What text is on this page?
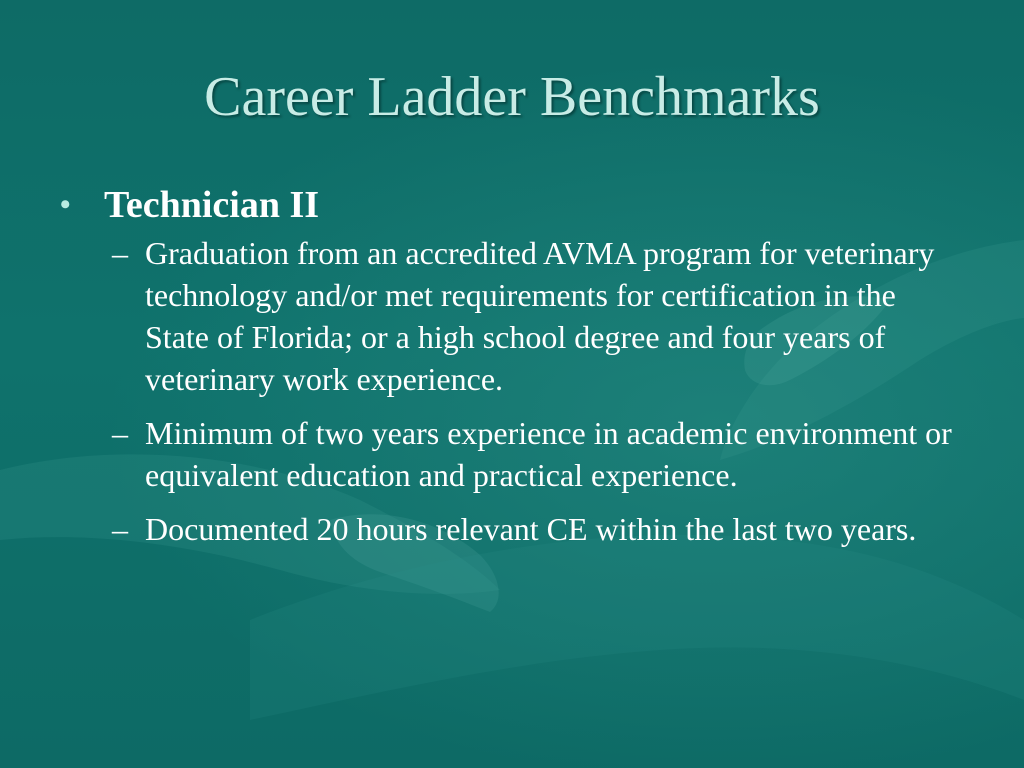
Career Ladder Benchmarks
• Technician II
– Graduation from an accredited AVMA program for veterinary technology and/or met requirements for certification in the State of Florida; or a high school degree and four years of veterinary work experience.
– Minimum of two years experience in academic environment or equivalent education and practical experience.
– Documented 20 hours relevant CE within the last two years.
